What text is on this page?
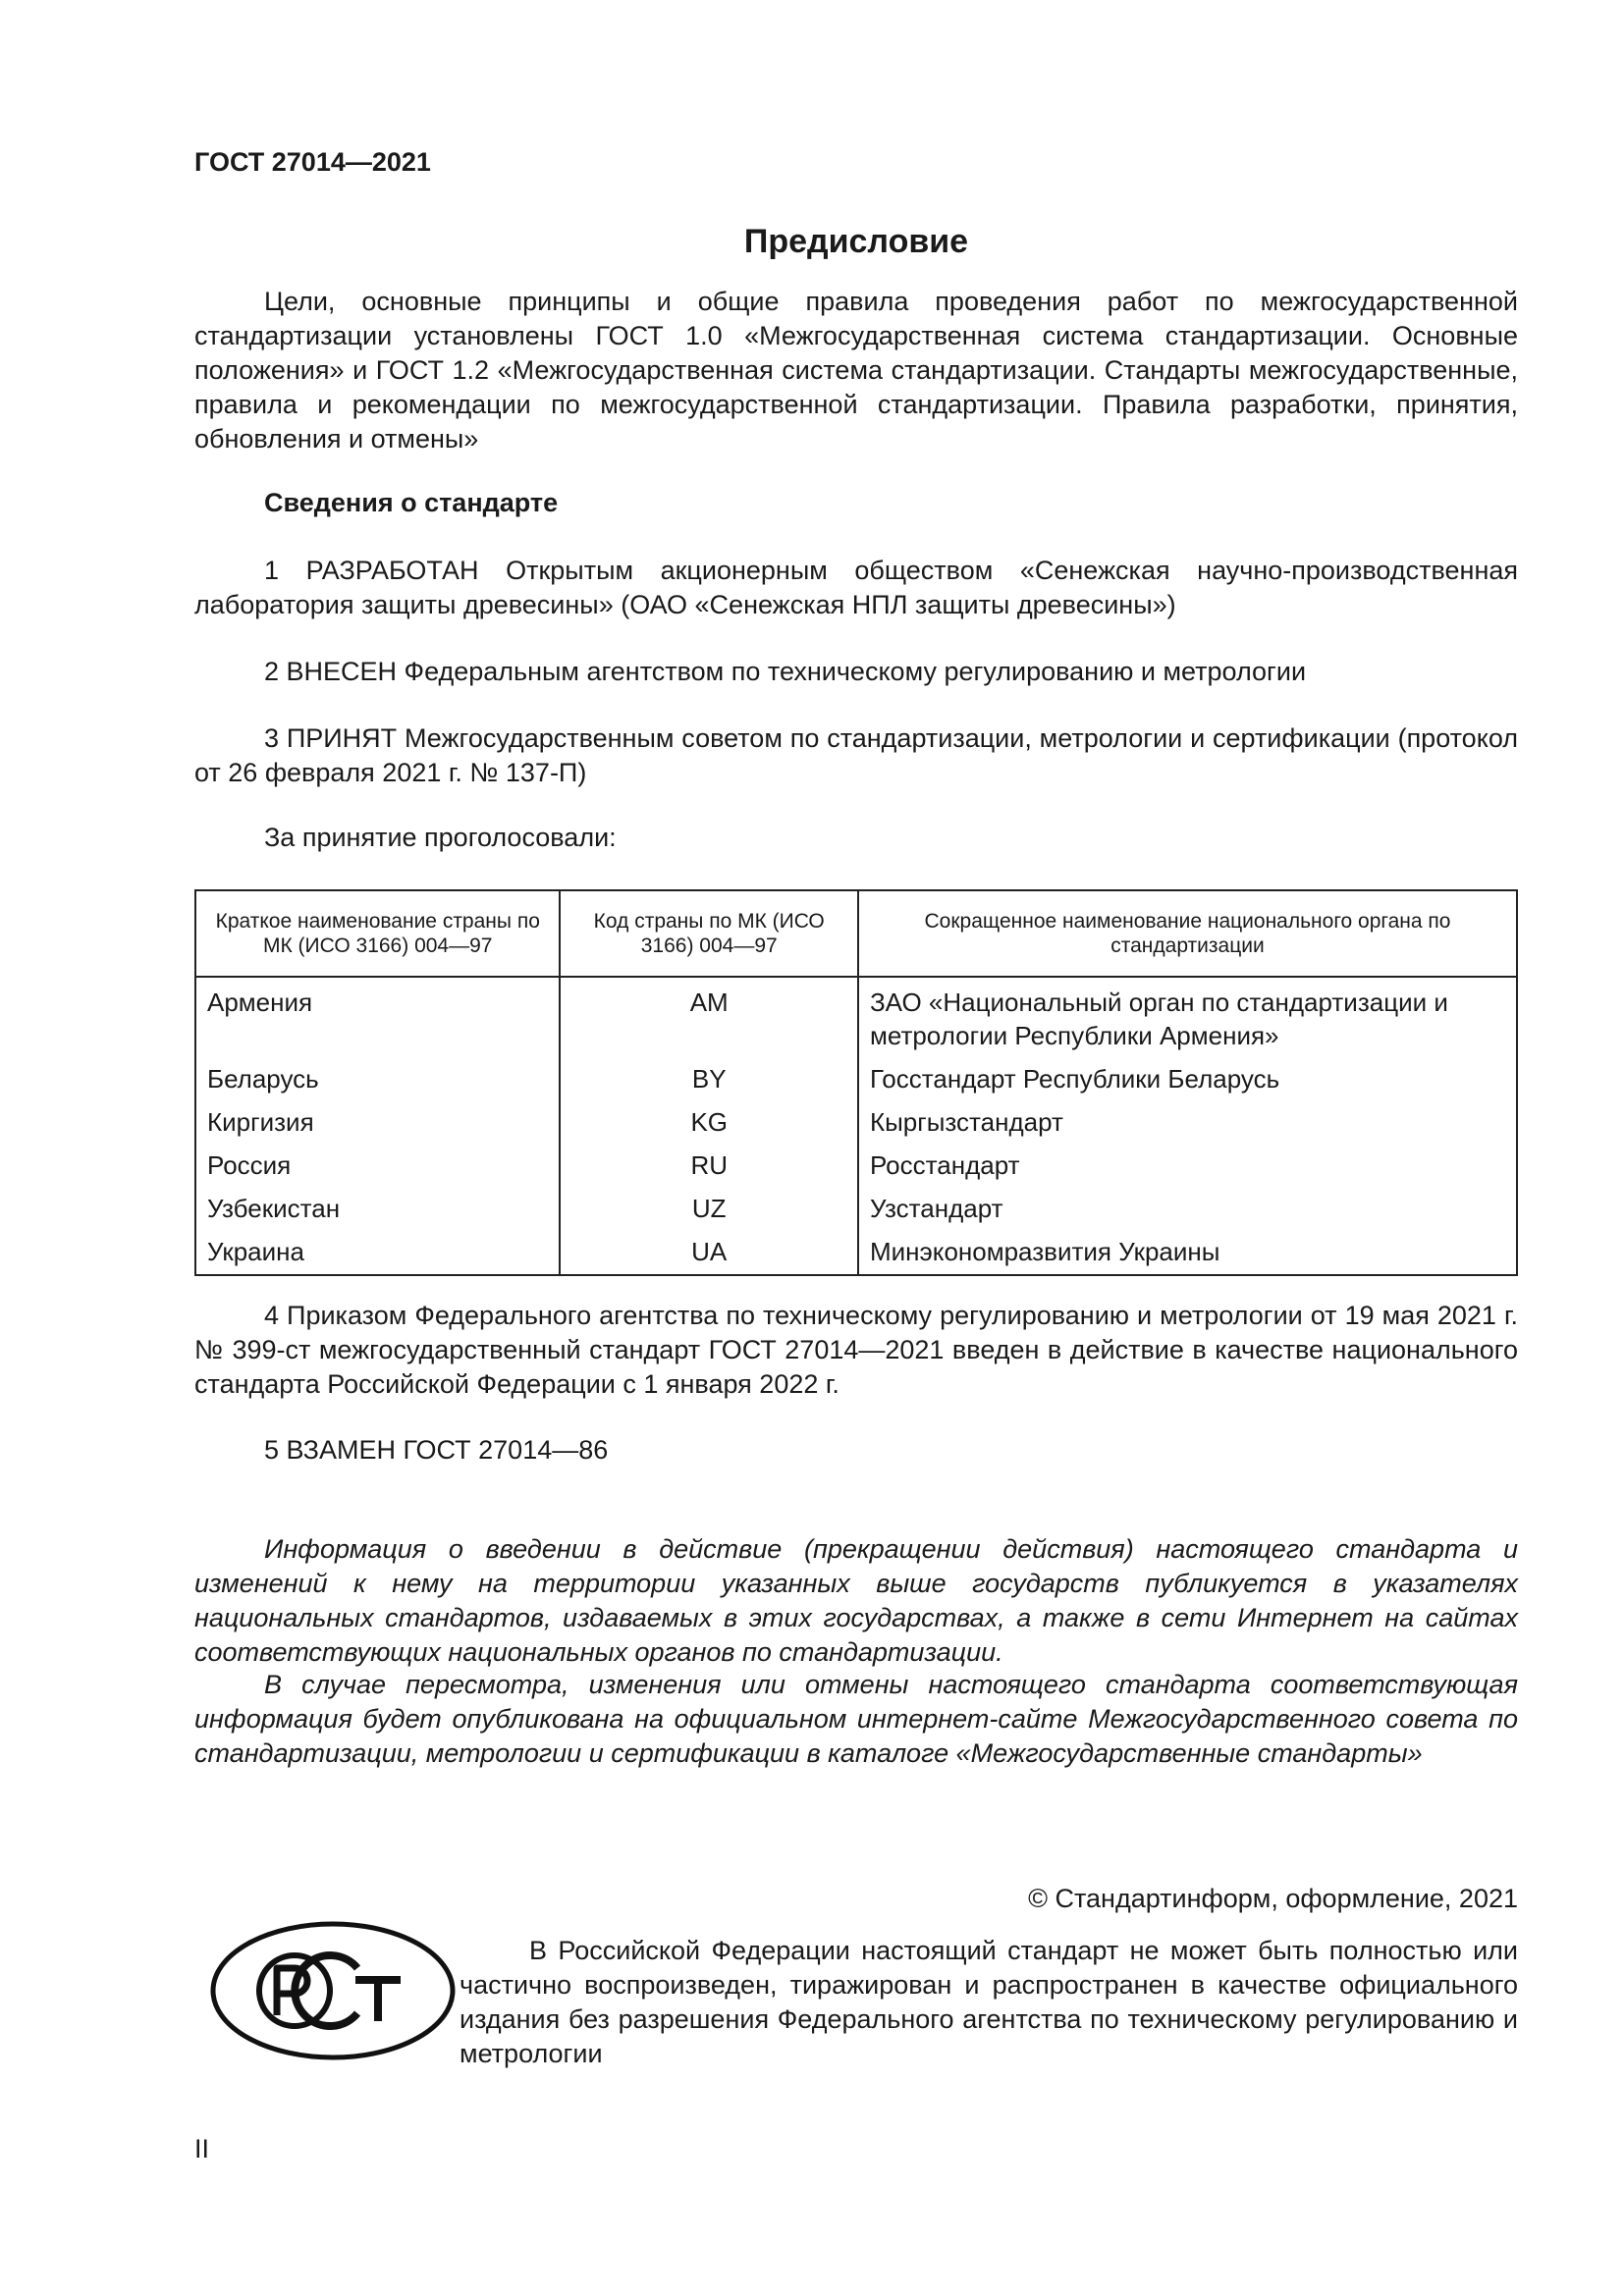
ГОСТ 27014—2021
Предисловие

Цели, основные принципы и общие правила проведения работ по межгосударственной стандартизации установлены ГОСТ 1.0 «Межгосударственная система стандартизации. Основные положения» и ГОСТ 1.2 «Межгосударственная система стандартизации. Стандарты межгосударственные, правила и рекомендации по межгосударственной стандартизации. Правила разработки, принятия, обновления и отмены»

Сведения о стандарте

1 РАЗРАБОТАН Открытым акционерным обществом «Сенежская научно-производственная лаборатория защиты древесины» (ОАО «Сенежская НПЛ защиты древесины»)

2 ВНЕСЕН Федеральным агентством по техническому регулированию и метрологии

3 ПРИНЯТ Межгосударственным советом по стандартизации, метрологии и сертификации (протокол от 26 февраля 2021 г. № 137-П)

За принятие проголосовали:

Краткое наименование страны по МК (ИСО 3166) 004—97	Код страны по МК (ИСО 3166) 004—97	Сокращенное наименование национального органа по стандартизации
Армения	AM	ЗАО «Национальный орган по стандартизации и метрологии Республики Армения»
Беларусь	BY	Госстандарт Республики Беларусь
Киргизия	KG	Кыргызстандарт
Россия	RU	Росстандарт
Узбекистан	UZ	Узстандарт
Украина	UA	Минэкономразвития Украины

4 Приказом Федерального агентства по техническому регулированию и метрологии от 19 мая 2021 г. № 399-ст межгосударственный стандарт ГОСТ 27014—2021 введен в действие в качестве национального стандарта Российской Федерации с 1 января 2022 г.

5 ВЗАМЕН ГОСТ 27014—86

Информация о введении в действие (прекращении действия) настоящего стандарта и изменений к нему на территории указанных выше государств публикуется в указателях национальных стандартов, издаваемых в этих государствах, а также в сети Интернет на сайтах соответствующих национальных органов по стандартизации.

В случае пересмотра, изменения или отмены настоящего стандарта соответствующая информация будет опубликована на официальном интернет-сайте Межгосударственного совета по стандартизации, метрологии и сертификации в каталоге «Межгосударственные стандарты»

© Стандартинформ, оформление, 2021

В Российской Федерации настоящий стандарт не может быть полностью или частично воспроизведен, тиражирован и распространен в качестве официального издания без разрешения Федерального агентства по техническому регулированию и метрологии

II
